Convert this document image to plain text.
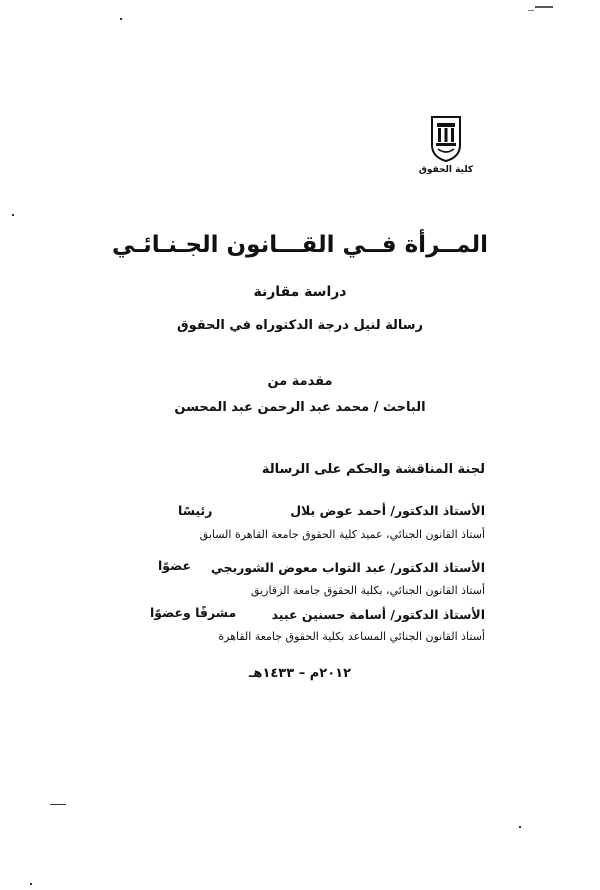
كلية الحقوق
المــرأة فــي القـــانون الجـنـائـي
دراسة مقارنة
رسالة لنيل درجة الدكتوراه في الحقوق
مقدمة من
الباحث / محمد عبد الرحمن عبد المحسن
لجنة المناقشة والحكم على الرسالة
الأستاذ الدكتور/ أحمد عوض بلال
رئيسًا
أستاذ القانون الجنائي، عميد كلية الحقوق جامعة القاهرة السابق
الأستاذ الدكتور/ عبد التواب معوض الشوربجي
عضوًا
أستاذ القانون الجنائي، بكلية الحقوق جامعة الزقازيق
الأستاذ الدكتور/ أسامة حسنين عبيد
مشرفًا وعضوًا
أستاذ القانون الجنائي المساعد بكلية الحقوق جامعة القاهرة
٢٠١٢م – ١٤٣٣هـ
